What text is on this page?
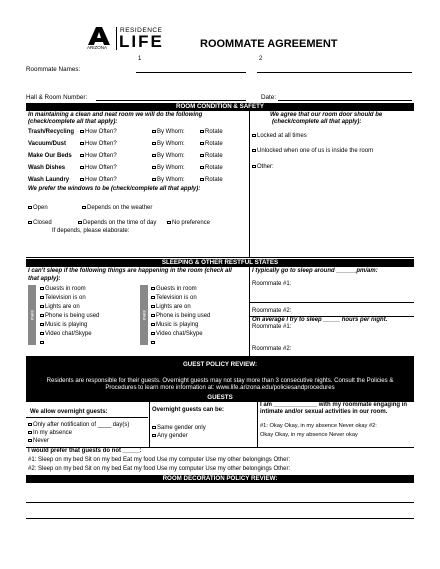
ARIZONA
RESIDENCE
LIFE	ROOMMATE AGREEMENT
1	2
Roommate Names:
Hall & Room Number:	Date:
ROOM CONDITION & SAFETY
In maintaining a clean and neat room we will do the following
(check/complete all that apply):
We agree that our room door should be
(check/complete all that apply):
Trash/Recycling	How Often?	By Whom:	Rotate
Vacuum/Dust	How Often?	By Whom:	Rotate
Make Our Beds	How Often?	By Whom:	Rotate
Wash Dishes	How Often?	By Whom:	Rotate
Wash Laundry	How Often?	By Whom:	Rotate
Locked at all times
Unlocked when one of us is inside the room
Other:
We prefer the windows to be (check/complete all that apply):
Open	Depends on the weather
Closed	Depends on the time of day	No preference
If depends, please elaborate:
SLEEPING & OTHER RESTFUL STATES
I can't sleep if the following things are happening in the room (check all
that apply):
mate	mate
Guests in room
Television is on
Lights are on
Phone is being used
Music is playing
Video chat/Skype
Guests in room
Television is on
Lights are on
Phone is being used
Music is playing
Video chat/Skype
I typically go to sleep around ______pm/am:
Roommate #1:
Roommate #2:
On average I try to sleep _____ hours per night.
Roommate #1:
Roommate #2:
GUEST POLICY REVIEW:
Residents are responsible for their guests. Overnight guests may not stay more than 3 consecutive nights. Consult the Policies &
Procedures to learn more information at: www.life.arizona.edu/policiesandprocedures
GUESTS
We allow overnight guests:
Only after notification of ____ day(s)
In my absence
Never
Overnight guests can be:
Same gender only
Any gender
I am _____________ with my roommate engaging in
intimate and/or sexual activities in our room.
#1: Okay Okay, in my absence Never okay #2:
Okay Okay, in my absence Never okay
I would prefer that guests do not _____:
#1: Sleep on my bed Sit on my bed Eat my food Use my computer Use my other belongings Other:
#2: Sleep on my bed Sit on my bed Eat my food Use my computer Use my other belongings Other:
ROOM DECORATION POLICY REVIEW:
